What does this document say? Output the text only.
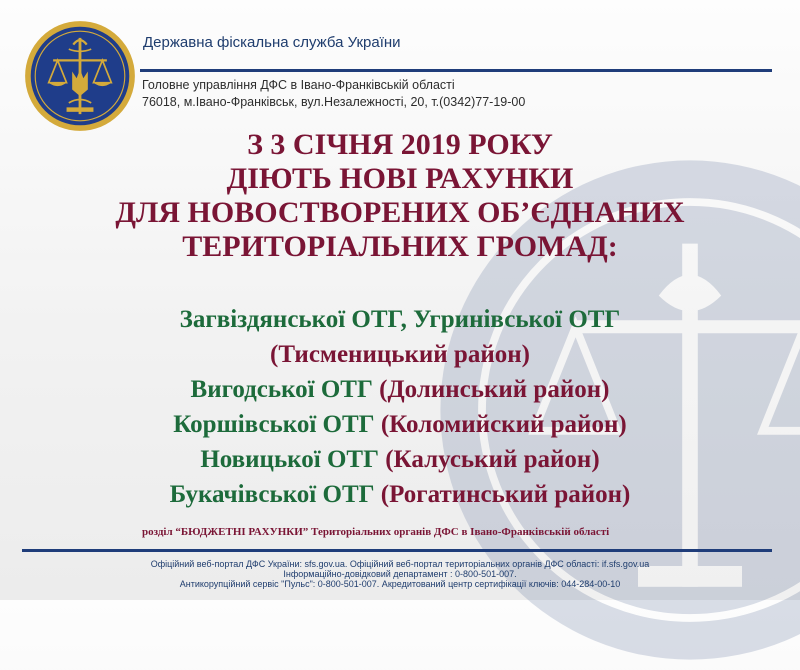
Державна фіскальна служба України
Головне управління ДФС в Івано-Франківській області
76018, м.Івано-Франківськ, вул.Незалежності, 20, т.(0342)77-19-00
З 3 СІЧНЯ 2019 РОКУ
ДІЮТЬ НОВІ РАХУНКИ
ДЛЯ НОВОСТВОРЕНИХ ОБ’ЄДНАНИХ
ТЕРИТОРІАЛЬНИХ ГРОМАД:
Загвіздянської ОТГ, Угринівської ОТГ
(Тисменицький район)
Вигодської ОТГ (Долинський район)
Коршівської ОТГ (Коломийский район)
Новицької ОТГ (Калуський район)
Букачівської ОТГ (Рогатинський район)
розділ “БЮДЖЕТНІ РАХУНКИ” Територіальних органів ДФС в Івано-Франківській області
Офіційний веб-портал ДФС України: sfs.gov.ua. Офіційний веб-портал територіальних органів ДФС області: if.sfs.gov.ua
Інформаційно-довідковий департамент : 0-800-501-007.
Антикорупційний сервіс "Пульс": 0-800-501-007. Акредитований центр сертифікації ключів: 044-284-00-10
